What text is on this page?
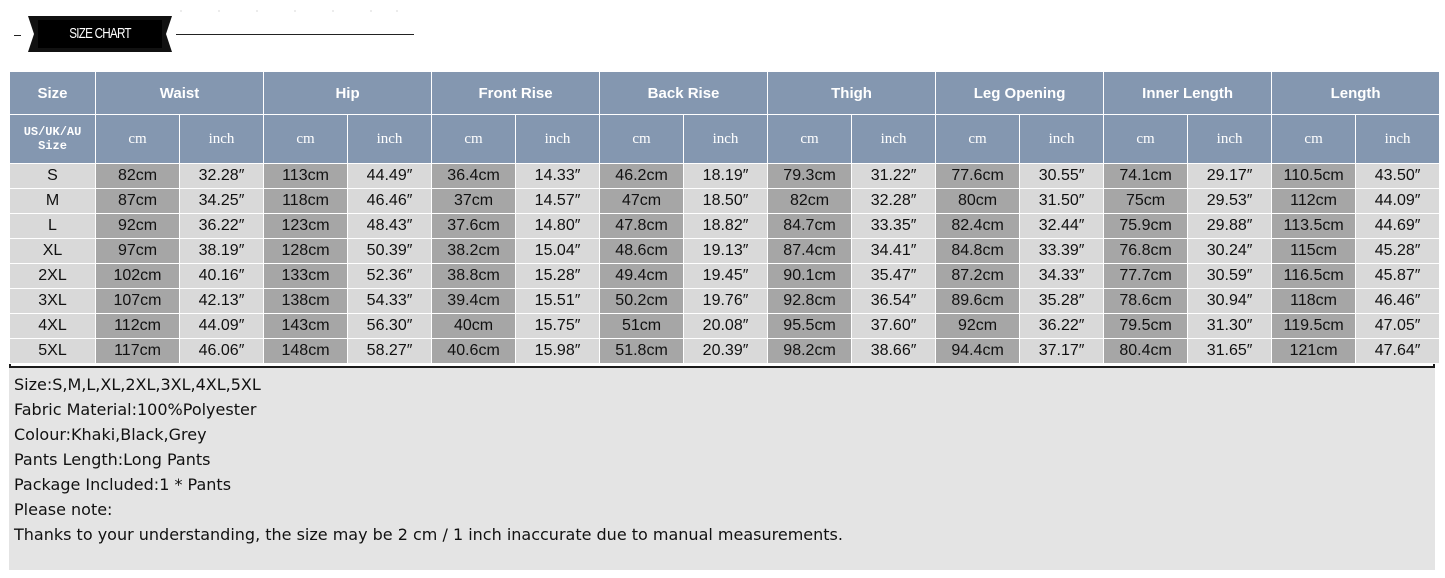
SIZE CHART
Size	Waist		Hip		Front Rise		Back Rise		Thigh		Leg Opening		Inner Length		Length	

US/UK/AU
Size	cm	inch	cm	inch	cm	inch	cm	inch	cm	inch	cm	inch	cm	inch	cm	inch
S	82cm	32.28″	113cm	44.49″	36.4cm	14.33″	46.2cm	18.19″	79.3cm	31.22″	77.6cm	30.55″	74.1cm	29.17″	110.5cm	43.50″
M	87cm	34.25″	118cm	46.46″	37cm	14.57″	47cm	18.50″	82cm	32.28″	80cm	31.50″	75cm	29.53″	112cm	44.09″
L	92cm	36.22″	123cm	48.43″	37.6cm	14.80″	47.8cm	18.82″	84.7cm	33.35″	82.4cm	32.44″	75.9cm	29.88″	113.5cm	44.69″
XL	97cm	38.19″	128cm	50.39″	38.2cm	15.04″	48.6cm	19.13″	87.4cm	34.41″	84.8cm	33.39″	76.8cm	30.24″	115cm	45.28″
2XL	102cm	40.16″	133cm	52.36″	38.8cm	15.28″	49.4cm	19.45″	90.1cm	35.47″	87.2cm	34.33″	77.7cm	30.59″	116.5cm	45.87″
3XL	107cm	42.13″	138cm	54.33″	39.4cm	15.51″	50.2cm	19.76″	92.8cm	36.54″	89.6cm	35.28″	78.6cm	30.94″	118cm	46.46″
4XL	112cm	44.09″	143cm	56.30″	40cm	15.75″	51cm	20.08″	95.5cm	37.60″	92cm	36.22″	79.5cm	31.30″	119.5cm	47.05″
5XL	117cm	46.06″	148cm	58.27″	40.6cm	15.98″	51.8cm	20.39″	98.2cm	38.66″	94.4cm	37.17″	80.4cm	31.65″	121cm	47.64″
Size:S,M,L,XL,2XL,3XL,4XL,5XL
Fabric Material:100%Polyester
Colour:Khaki,Black,Grey
Pants Length:Long Pants
Package Included:1 * Pants
Please note:
Thanks to your understanding, the size may be 2 cm / 1 inch inaccurate due to manual measurements.
